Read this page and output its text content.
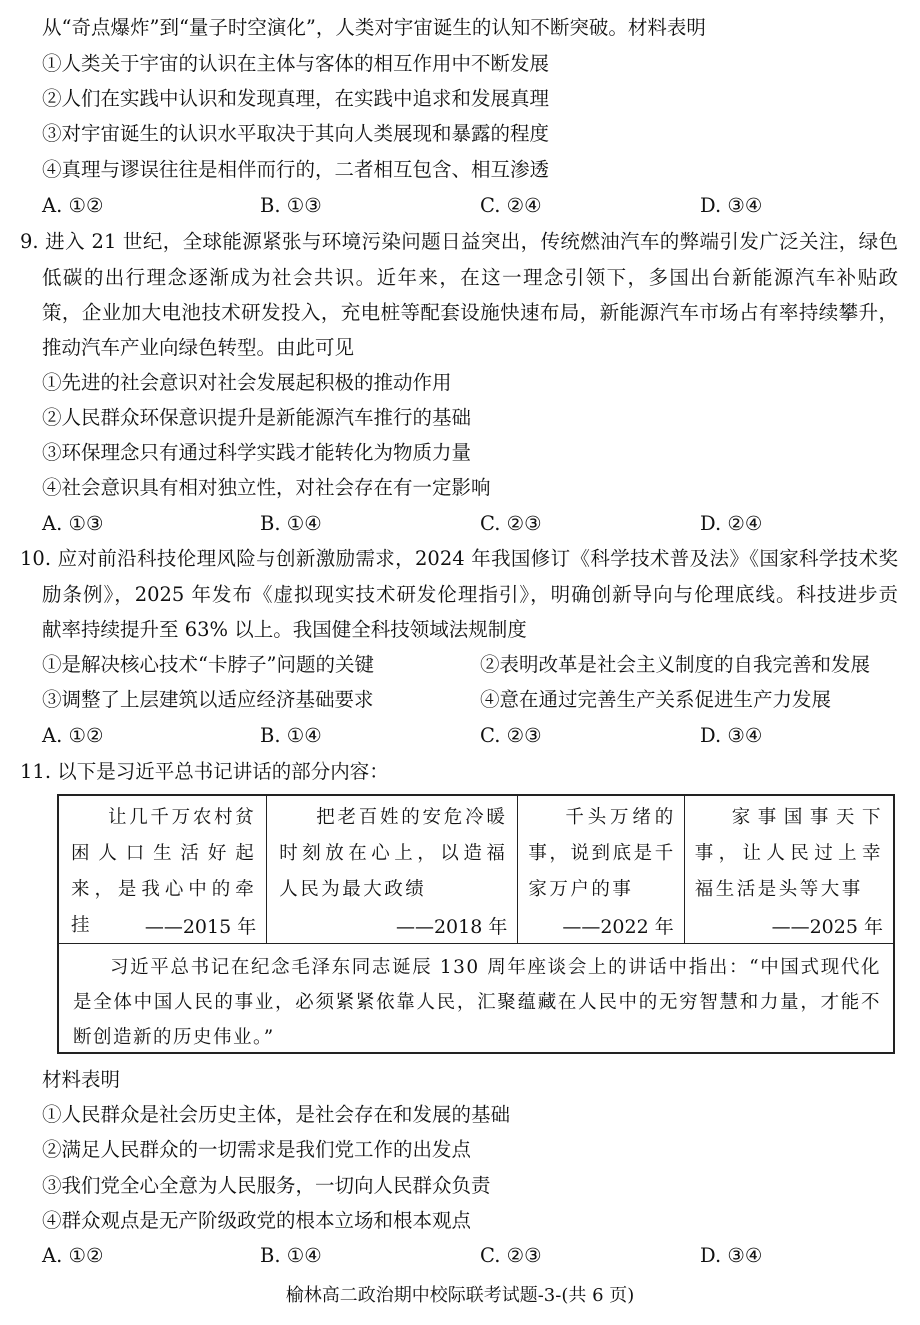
从“奇点爆炸”到“量子时空演化”，人类对宇宙诞生的认知不断突破。材料表明
①人类关于宇宙的认识在主体与客体的相互作用中不断发展
②人们在实践中认识和发现真理，在实践中追求和发展真理
③对宇宙诞生的认识水平取决于其向人类展现和暴露的程度
④真理与谬误往往是相伴而行的，二者相互包含、相互渗透
A. ①②	B. ①③	C. ②④	D. ③④
9. 进入 21 世纪，全球能源紧张与环境污染问题日益突出，传统燃油汽车的弊端引发广泛关注，绿色
低碳的出行理念逐渐成为社会共识。近年来，在这一理念引领下，多国出台新能源汽车补贴政
策，企业加大电池技术研发投入，充电桩等配套设施快速布局，新能源汽车市场占有率持续攀升，
推动汽车产业向绿色转型。由此可见
①先进的社会意识对社会发展起积极的推动作用
②人民群众环保意识提升是新能源汽车推行的基础
③环保理念只有通过科学实践才能转化为物质力量
④社会意识具有相对独立性，对社会存在有一定影响
A. ①③	B. ①④	C. ②③	D. ②④
10. 应对前沿科技伦理风险与创新激励需求，2024 年我国修订《科学技术普及法》《国家科学技术奖
励条例》，2025 年发布《虚拟现实技术研发伦理指引》，明确创新导向与伦理底线。科技进步贡
献率持续提升至 63% 以上。我国健全科技领域法规制度
①是解决核心技术“卡脖子”问题的关键	②表明改革是社会主义制度的自我完善和发展
③调整了上层建筑以适应经济基础要求	④意在通过完善生产关系促进生产力发展
A. ①②	B. ①④	C. ②③	D. ③④
11. 以下是习近平总书记讲话的部分内容：
让几千万农村贫困人口生活好起来，是我心中的牵挂	——2015 年

把老百姓的安危冷暖时刻放在心上，以造福人民为最大政绩
——2018 年

千头万绪的事，说到底是千家万户的事
——2022 年

家事国事天下事，让人民过上幸福生活是头等大事
——2025 年

习近平总书记在纪念毛泽东同志诞辰 130 周年座谈会上的讲话中指出：“中国式现代化是全体中国人民的事业，必须紧紧依靠人民，汇聚蕴藏在人民中的无穷智慧和力量，才能不断创造新的历史伟业。”
材料表明
①人民群众是社会历史主体，是社会存在和发展的基础
②满足人民群众的一切需求是我们党工作的出发点
③我们党全心全意为人民服务，一切向人民群众负责
④群众观点是无产阶级政党的根本立场和根本观点
A. ①②	B. ①④	C. ②③	D. ③④
榆林高二政治期中校际联考试题-3-(共 6 页)
